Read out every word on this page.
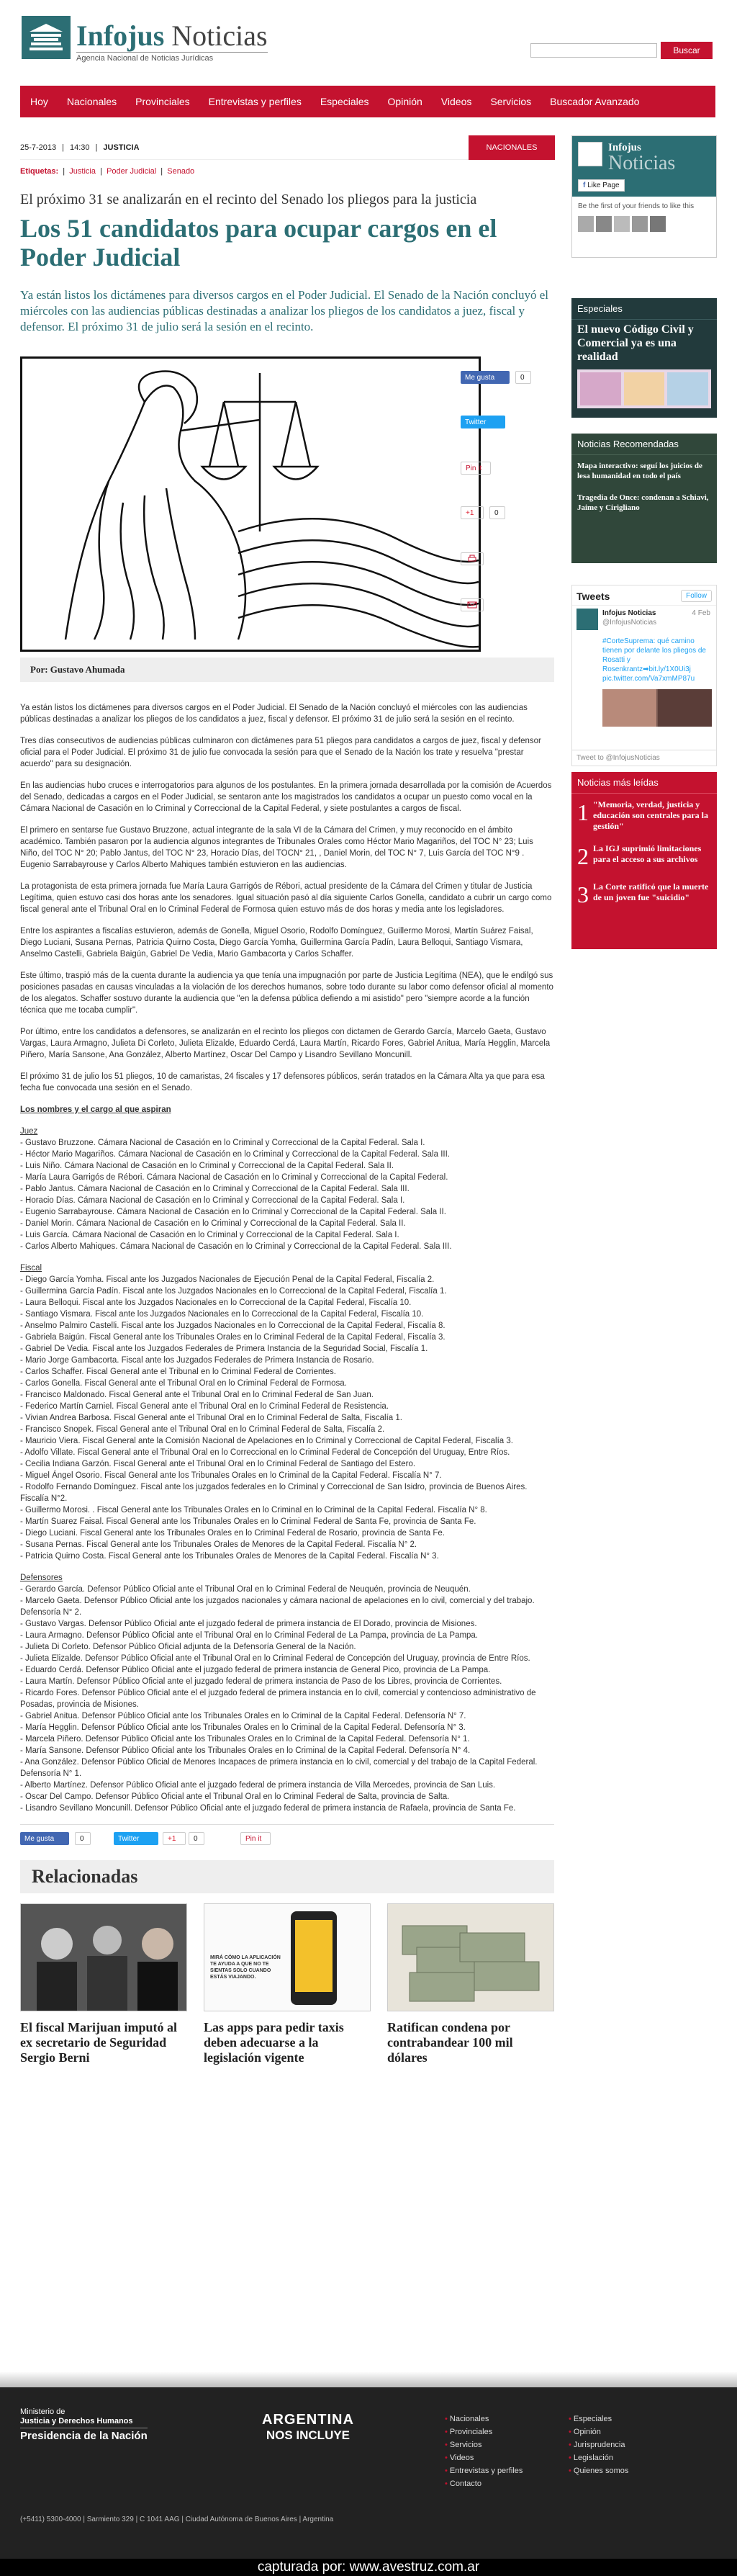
Infojus Noticias
Agencia Nacional de Noticias Jurídicas
Buscar
Hoy Nacionales Provinciales Entrevistas y perfiles Especiales Opinión Videos Servicios Buscador Avanzado
25-7-2013 | 14:30 | JUSTICIA	NACIONALES
Etiquetas:  |  Justicia  |  Poder Judicial  |  Senado
El próximo 31 se analizarán en el recinto del Senado los pliegos para la justicia
Los 51 candidatos para ocupar cargos en el Poder Judicial
Ya están listos los dictámenes para diversos cargos en el Poder Judicial. El Senado de la Nación concluyó el miércoles con las audiencias públicas destinadas a analizar los pliegos de los candidatos a juez, fiscal y defensor. El próximo 31 de julio será la sesión en el recinto.
Me gusta	0
Twitter
Pin it
+1	0
Por: Gustavo Ahumada

Ya están listos los dictámenes para diversos cargos en el Poder Judicial. El Senado de la Nación concluyó el miércoles con las audiencias públicas destinadas a analizar los pliegos de los candidatos a juez, fiscal y defensor. El próximo 31 de julio será la sesión en el recinto.

Tres días consecutivos de audiencias públicas culminaron con dictámenes para 51 pliegos para candidatos a cargos de juez, fiscal y defensor oficial para el Poder Judicial. El próximo 31 de julio fue convocada la sesión para que el Senado de la Nación los trate y resuelva "prestar acuerdo" para su designación.

En las audiencias hubo cruces e interrogatorios para algunos de los postulantes. En la primera jornada desarrollada por la comisión de Acuerdos del Senado, dedicadas a cargos en el Poder Judicial, se sentaron ante los magistrados los candidatos a ocupar un puesto como vocal en la Cámara Nacional de Casación en lo Criminal y Correccional de la Capital Federal, y siete postulantes a cargos de fiscal.

El primero en sentarse fue Gustavo Bruzzone, actual integrante de la sala VI de la Cámara del Crimen, y muy reconocido en el ámbito académico. También pasaron por la audiencia algunos integrantes de Tribunales Orales como Héctor Mario Magariños, del TOC N° 23; Luis Niño, del TOC N° 20; Pablo Jantus, del TOC N° 23, Horacio Días, del TOCN° 21, , Daniel Morin, del TOC N° 7, Luis García del TOC N°9 . Eugenio Sarrabayrouse y Carlos Alberto Mahiques también estuvieron en las audiencias.

La protagonista de esta primera jornada fue María Laura Garrigós de Rébori, actual presidente de la Cámara del Crimen y titular de Justicia Legítima, quien estuvo casi dos horas ante los senadores. Igual situación pasó al día siguiente Carlos Gonella, candidato a cubrir un cargo como fiscal general ante el Tribunal Oral en lo Criminal Federal de Formosa quien estuvo más de dos horas y media ante los legisladores.

Entre los aspirantes a fiscalías estuvieron, además de Gonella, Miguel Osorio, Rodolfo Domínguez, Guillermo Morosi, Martín Suárez Faisal, Diego Luciani, Susana Pernas, Patricia Quirno Costa, Diego García Yomha, Guillermina García Padín, Laura Belloqui, Santiago Vismara, Anselmo Castelli, Gabriela Baigún, Gabriel De Vedia, Mario Gambacorta y Carlos Schaffer.

Este último, traspió más de la cuenta durante la audiencia ya que tenía una impugnación por parte de Justicia Legítima (NEA), que le endilgó sus posiciones pasadas en causas vinculadas a la violación de los derechos humanos, sobre todo durante su labor como defensor oficial al momento de los alegatos. Schaffer sostuvo durante la audiencia que "en la defensa pública defiendo a mi asistido" pero "siempre acorde a la función técnica que me tocaba cumplir".

Por último, entre los candidatos a defensores, se analizarán en el recinto los pliegos con dictamen de Gerardo García, Marcelo Gaeta, Gustavo Vargas, Laura Armagno, Julieta Di Corleto, Julieta Elizalde, Eduardo Cerdá, Laura Martín, Ricardo Fores, Gabriel Anitua, María Hegglin, Marcela Piñero, María Sansone, Ana González, Alberto Martínez, Oscar Del Campo y Lisandro Sevillano Moncunill.

El próximo 31 de julio los 51 pliegos, 10 de camaristas, 24 fiscales y 17 defensores públicos, serán tratados en la Cámara Alta ya que para esa fecha fue convocada una sesión en el Senado.

Los nombres y el cargo al que aspiran
Juez
- Gustavo Bruzzone. Cámara Nacional de Casación en lo Criminal y Correccional de la Capital Federal. Sala I.
- Héctor Mario Magariños. Cámara Nacional de Casación en lo Criminal y Correccional de la Capital Federal. Sala III.
- Luis Niño. Cámara Nacional de Casación en lo Criminal y Correccional de la Capital Federal. Sala II.
- María Laura Garrigós de Rébori. Cámara Nacional de Casación en lo Criminal y Correccional de la Capital Federal.
- Pablo Jantus. Cámara Nacional de Casación en lo Criminal y Correccional de la Capital Federal. Sala III.
- Horacio Días. Cámara Nacional de Casación en lo Criminal y Correccional de la Capital Federal. Sala I.
- Eugenio Sarrabayrouse. Cámara Nacional de Casación en lo Criminal y Correccional de la Capital Federal. Sala II.
- Daniel Morin. Cámara Nacional de Casación en lo Criminal y Correccional de la Capital Federal. Sala II.
- Luis García. Cámara Nacional de Casación en lo Criminal y Correccional de la Capital Federal. Sala I.
- Carlos Alberto Mahiques. Cámara Nacional de Casación en lo Criminal y Correccional de la Capital Federal. Sala III.
Fiscal
- Diego García Yomha. Fiscal ante los Juzgados Nacionales de Ejecución Penal de la Capital Federal, Fiscalía 2.
- Guillermina García Padín. Fiscal ante los Juzgados Nacionales en lo Correccional de la Capital Federal, Fiscalía 1.
- Laura Belloqui. Fiscal ante los Juzgados Nacionales en lo Correccional de la Capital Federal, Fiscalía 10.
- Santiago Vismara. Fiscal ante los Juzgados Nacionales en lo Correccional de la Capital Federal, Fiscalía 10.
- Anselmo Palmiro Castelli. Fiscal ante los Juzgados Nacionales en lo Correccional de la Capital Federal, Fiscalía 8.
- Gabriela Baigún. Fiscal General ante los Tribunales Orales en lo Criminal Federal de la Capital Federal, Fiscalía 3.
- Gabriel De Vedia. Fiscal ante los Juzgados Federales de Primera Instancia de la Seguridad Social, Fiscalía 1.
- Mario Jorge Gambacorta. Fiscal ante los Juzgados Federales de Primera Instancia de Rosario.
- Carlos Schaffer. Fiscal General ante el Tribunal en lo Criminal Federal de Corrientes.
- Carlos Gonella. Fiscal General ante el Tribunal Oral en lo Criminal Federal de Formosa.
- Francisco Maldonado. Fiscal General ante el Tribunal Oral en lo Criminal Federal de San Juan.
- Federico Martín Carniel. Fiscal General ante el Tribunal Oral en lo Criminal Federal de Resistencia.
- Vivian Andrea Barbosa. Fiscal General ante el Tribunal Oral en lo Criminal Federal de Salta, Fiscalía 1.
- Francisco Snopek. Fiscal General ante el Tribunal Oral en lo Criminal Federal de Salta, Fiscalía 2.
- Mauricio Viera. Fiscal General ante la Comisión Nacional de Apelaciones en lo Criminal y Correccional de Capital Federal, Fiscalía 3.
- Adolfo Villate. Fiscal General ante el Tribunal Oral en lo Correccional en lo Criminal Federal de Concepción del Uruguay, Entre Ríos.
- Cecilia Indiana Garzón. Fiscal General ante el Tribunal Oral en lo Criminal Federal de Santiago del Estero.
- Miguel Ángel Osorio. Fiscal General ante los Tribunales Orales en lo Criminal de la Capital Federal. Fiscalía N° 7.
- Rodolfo Fernando Domínguez. Fiscal ante los juzgados federales en lo Criminal y Correccional de San Isidro, provincia de Buenos Aires. Fiscalía N°2.
- Guillermo Morosi. . Fiscal General ante los Tribunales Orales en lo Criminal en lo Criminal de la Capital Federal. Fiscalía N° 8.
- Martín Suarez Faisal. Fiscal General ante los Tribunales Orales en lo Criminal Federal de Santa Fe, provincia de Santa Fe.
- Diego Luciani. Fiscal General ante los Tribunales Orales en lo Criminal Federal de Rosario, provincia de Santa Fe.
- Susana Pernas. Fiscal General ante los Tribunales Orales de Menores de la Capital Federal. Fiscalía N° 2.
- Patricia Quirno Costa. Fiscal General ante los Tribunales Orales de Menores de la Capital Federal. Fiscalía N° 3.
Defensores
- Gerardo García. Defensor Público Oficial ante el Tribunal Oral en lo Criminal Federal de Neuquén, provincia de Neuquén.
- Marcelo Gaeta. Defensor Público Oficial ante los juzgados nacionales y cámara nacional de apelaciones en lo civil, comercial y del trabajo. Defensoría N° 2.
- Gustavo Vargas. Defensor Público Oficial ante el juzgado federal de primera instancia de El Dorado, provincia de Misiones.
- Laura Armagno. Defensor Público Oficial ante el Tribunal Oral en lo Criminal Federal de La Pampa, provincia de La Pampa.
- Julieta Di Corleto. Defensor Público Oficial adjunta de la Defensoría General de la Nación.
- Julieta Elizalde. Defensor Público Oficial ante el Tribunal Oral en lo Criminal Federal de Concepción del Uruguay, provincia de Entre Ríos.
- Eduardo Cerdá. Defensor Público Oficial ante el juzgado federal de primera instancia de General Pico, provincia de La Pampa.
- Laura Martín. Defensor Público Oficial ante el juzgado federal de primera instancia de Paso de los Libres, provincia de Corrientes.
- Ricardo Fores. Defensor Público Oficial ante el el juzgado federal de primera instancia en lo civil, comercial y contencioso administrativo de Posadas, provincia de Misiones.
- Gabriel Anitua. Defensor Público Oficial ante los Tribunales Orales en lo Criminal de la Capital Federal. Defensoría N° 7.
- María Hegglin. Defensor Público Oficial ante los Tribunales Orales en lo Criminal de la Capital Federal. Defensoría N° 3.
- Marcela Piñero. Defensor Público Oficial ante los Tribunales Orales en lo Criminal de la Capital Federal. Defensoría N° 1.
- María Sansone. Defensor Público Oficial ante los Tribunales Orales en lo Criminal de la Capital Federal. Defensoría N° 4.
- Ana González. Defensor Público Oficial de Menores Incapaces de primera instancia en lo civil, comercial y del trabajo de la Capital Federal. Defensoría N° 1.
- Alberto Martínez. Defensor Público Oficial ante el juzgado federal de primera instancia de Villa Mercedes, provincia de San Luis.
- Oscar Del Campo. Defensor Público Oficial ante el Tribunal Oral en lo Criminal Federal de Salta, provincia de Salta.
- Lisandro Sevillano Moncunill. Defensor Público Oficial ante el juzgado federal de primera instancia de Rafaela, provincia de Santa Fe.
Me gusta	0	Twitter	+1	0	Pin it
Relacionadas
El fiscal Marijuan imputó al ex secretario de Seguridad Sergio Berni
MIRÁ CÓMO LA APLICACIÓN TE AYUDA A QUE NO TE SIENTAS SOLO CUANDO ESTÁS VIAJANDO.
Las apps para pedir taxis deben adecuarse a la legislación vigente
Ratifican condena por contrabandear 100 mil dólares
Infojus
Noticias
f Like Page
Be the first of your friends to like this
Especiales
El nuevo Código Civil y Comercial ya es una realidad
Noticias Recomendadas
Mapa interactivo: seguí los juicios de lesa humanidad en todo el país
Tragedia de Once: condenan a Schiavi, Jaime y Cirigliano
Tweets	Follow
Infojus Noticias	4 Feb

@InfojusNoticias

#CorteSuprema: qué camino tienen por delante los pliegos de Rosatti y Rosenkrantz➡bit.ly/1X0Ui3j pic.twitter.com/Va7xmMP87u
Tweet to @InfojusNoticias
Noticias más leídas
1 "Memoria, verdad, justicia y educación son centrales para la gestión"
2 La IGJ suprimió limitaciones para el acceso a sus archivos
3 La Corte ratificó que la muerte de un joven fue "suicidio"
Ministerio de
Justicia y Derechos Humanos
Presidencia de la Nación
ARGENTINA
NOS INCLUYE
(+5411) 5300-4000 | Sarmiento 329 | C 1041 AAG | Ciudad Autónoma de Buenos Aires | Argentina
• Nacionales
• Provinciales
• Servicios
• Videos
• Entrevistas y perfiles
• Contacto
• Especiales
• Opinión
• Jurisprudencia
• Legislación
• Quienes somos
capturada por: www.avestruz.com.ar
